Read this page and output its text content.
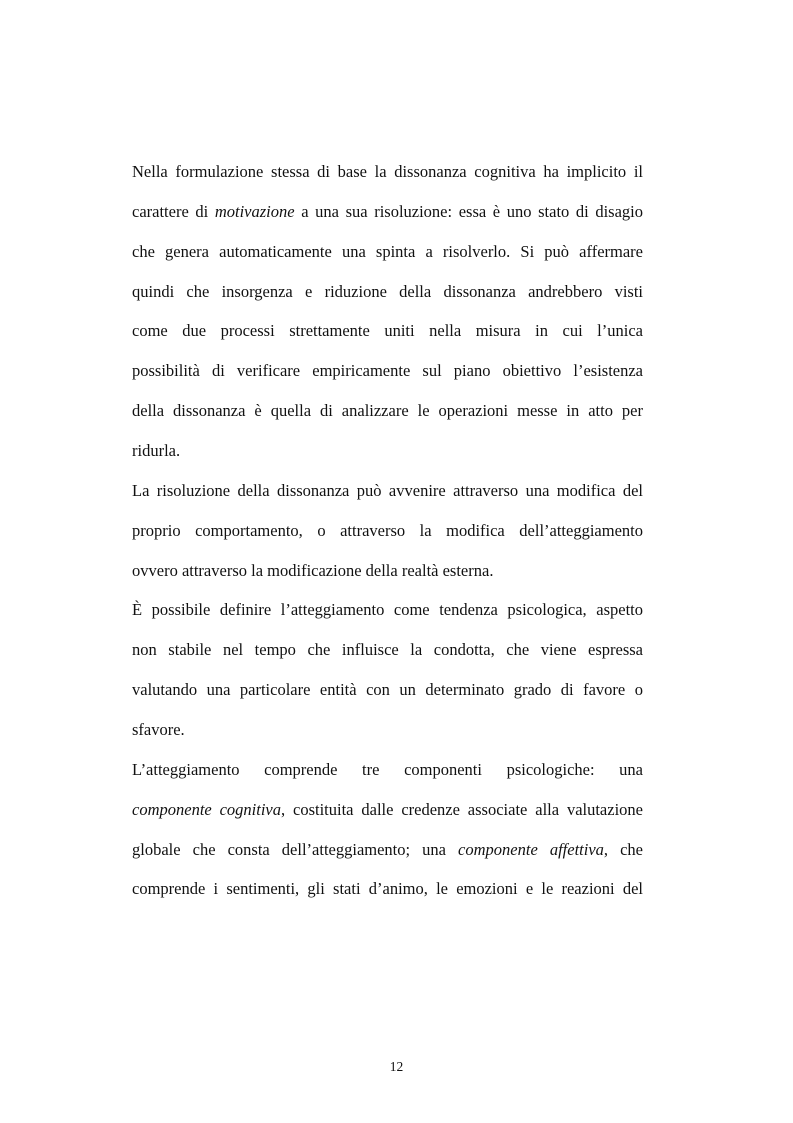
Nella formulazione stessa di base la dissonanza cognitiva ha implicito il
carattere di motivazione a una sua risoluzione: essa è uno stato di disagio
che genera automaticamente una spinta a risolverlo. Si può affermare
quindi che insorgenza e riduzione della dissonanza andrebbero visti
come due processi strettamente uniti nella misura in cui l’unica
possibilità di verificare empiricamente sul piano obiettivo l’esistenza
della dissonanza è quella di analizzare le operazioni messe in atto per
ridurla.
La risoluzione della dissonanza può avvenire attraverso una modifica del
proprio comportamento, o attraverso la modifica dell’atteggiamento
ovvero attraverso la modificazione della realtà esterna.
È possibile definire l’atteggiamento come tendenza psicologica, aspetto
non stabile nel tempo che influisce la condotta, che viene espressa
valutando una particolare entità con un determinato grado di favore o
sfavore.
L’atteggiamento comprende tre componenti psicologiche: una
componente cognitiva, costituita dalle credenze associate alla valutazione
globale che consta dell’atteggiamento; una componente affettiva, che
comprende i sentimenti, gli stati d’animo, le emozioni e le reazioni del
12
